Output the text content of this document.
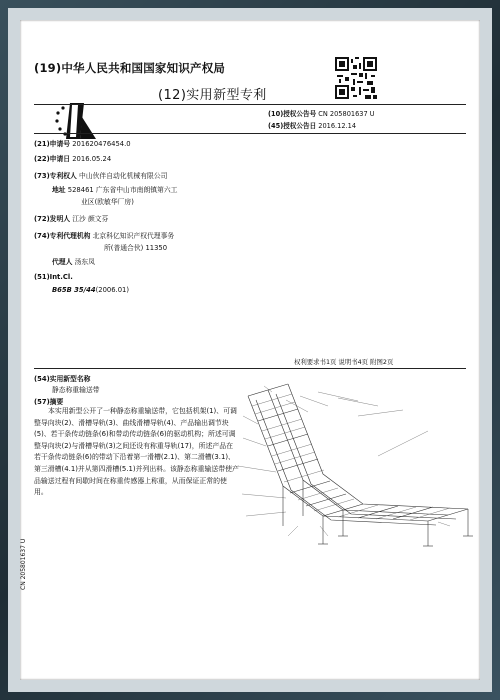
(19)中华人民共和国国家知识产权局
(12)实用新型专利
(10)授权公告号 CN 205801637 U
(45)授权公告日 2016.12.14
(21)申请号 201620476454.0
(22)申请日 2016.05.24
(73)专利权人 中山伙伴自动化机械有限公司
地址 528461 广东省中山市南朗镇第六工
业区(欧敏华厂房)
(72)发明人 江沙 颜文芬
(74)专利代理机构 北京科亿知识产权代理事务
所(普通合伙) 11350
代理人 汤东凤
(51)Int.Cl.
B65B 35/44(2006.01)
权利要求书1页 说明书4页 附图2页
(54)实用新型名称
静态称重输送带
(57)摘要
本实用新型公开了一种静态称重输送带，它包括机架(1)、可调整导向块(2)、滑槽导轨(3)、曲线滑槽导轨(4)、产品输出调节块(5)、若干条传动链条(6)和带动传动链条(6)的驱动机构；所述可调整导向块(2)与滑槽导轨(3)之间还设有称重导轨(17)，所述产品在若干条传动链条(6)的带动下沿着第一滑槽(2.1)、第二滑槽(3.1)、第三滑槽(4.1)并从第四滑槽(5.1)并列出料。该静态称重输送带使产品输送过程有间歇时间在称重传感器上称重，从而保证正常的使用。
CN 205801637 U
